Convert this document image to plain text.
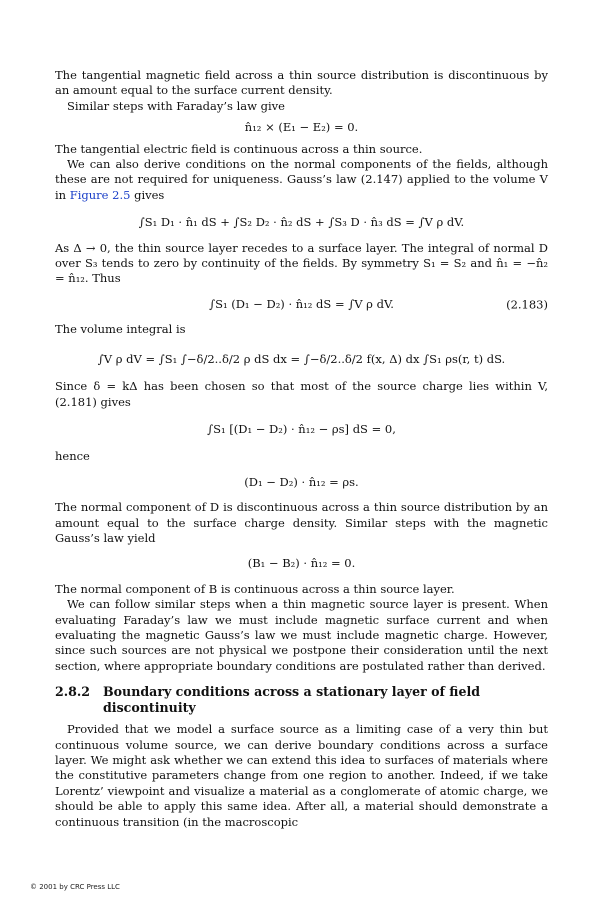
The tangential magnetic field across a thin source distribution is discontinuous by an amount equal to the surface current density.

Similar steps with Faraday’s law give

n̂₁₂ × (E₁ − E₂) = 0.

The tangential electric field is continuous across a thin source.

We can also derive conditions on the normal components of the fields, although these are not required for uniqueness. Gauss’s law (2.147) applied to the volume V in Figure 2.5 gives

∫S₁ D₁ · n̂₁ dS + ∫S₂ D₂ · n̂₂ dS + ∫S₃ D · n̂₃ dS = ∫V ρ dV.

As Δ → 0, the thin source layer recedes to a surface layer. The integral of normal D over S₃ tends to zero by continuity of the fields. By symmetry S₁ = S₂ and n̂₁ = −n̂₂ = n̂₁₂. Thus

∫S₁ (D₁ − D₂) · n̂₁₂ dS = ∫V ρ dV.	(2.183)

The volume integral is

∫V ρ dV = ∫S₁ ∫−δ/2..δ/2 ρ dS dx = ∫−δ/2..δ/2 f(x, Δ) dx ∫S₁ ρs(r, t) dS.

Since δ = kΔ has been chosen so that most of the source charge lies within V, (2.181) gives

∫S₁ [(D₁ − D₂) · n̂₁₂ − ρs] dS = 0,

hence

(D₁ − D₂) · n̂₁₂ = ρs.

The normal component of D is discontinuous across a thin source distribution by an amount equal to the surface charge density. Similar steps with the magnetic Gauss’s law yield

(B₁ − B₂) · n̂₁₂ = 0.

The normal component of B is continuous across a thin source layer.

We can follow similar steps when a thin magnetic source layer is present. When evaluating Faraday’s law we must include magnetic surface current and when evaluating the magnetic Gauss’s law we must include magnetic charge. However, since such sources are not physical we postpone their consideration until the next section, where appropriate boundary conditions are postulated rather than derived.

2.8.2	Boundary conditions across a stationary layer of field discontinuity

Provided that we model a surface source as a limiting case of a very thin but continuous volume source, we can derive boundary conditions across a surface layer. We might ask whether we can extend this idea to surfaces of materials where the constitutive parameters change from one region to another. Indeed, if we take Lorentz’ viewpoint and visualize a material as a conglomerate of atomic charge, we should be able to apply this same idea. After all, a material should demonstrate a continuous transition (in the macroscopic

© 2001 by CRC Press LLC
